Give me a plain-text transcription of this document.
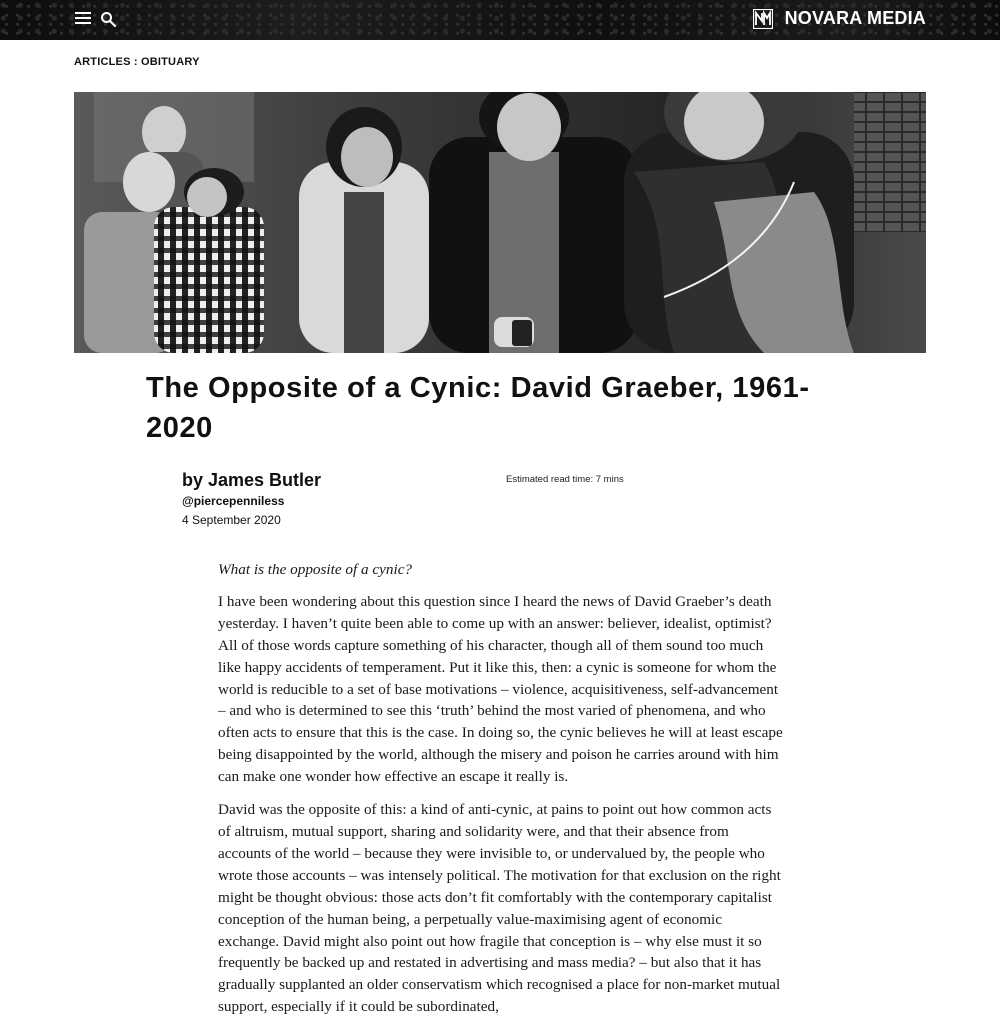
NOVARA MEDIA
ARTICLES : OBITUARY
The Opposite of a Cynic: David Graeber, 1961-2020
by James Butler
@piercepenniless
4 September 2020
Estimated read time: 7 mins

What is the opposite of a cynic?

I have been wondering about this question since I heard the news of David Graeber’s death yesterday. I haven’t quite been able to come up with an answer: believer, idealist, optimist? All of those words capture something of his character, though all of them sound too much like happy accidents of temperament. Put it like this, then: a cynic is someone for whom the world is reducible to a set of base motivations – violence, acquisitiveness, self-advancement – and who is determined to see this ‘truth’ behind the most varied of phenomena, and who often acts to ensure that this is the case. In doing so, the cynic believes he will at least escape being disappointed by the world, although the misery and poison he carries around with him can make one wonder how effective an escape it really is.

David was the opposite of this: a kind of anti-cynic, at pains to point out how common acts of altruism, mutual support, sharing and solidarity were, and that their absence from accounts of the world – because they were invisible to, or undervalued by, the people who wrote those accounts – was intensely political. The motivation for that exclusion on the right might be thought obvious: those acts don’t fit comfortably with the contemporary capitalist conception of the human being, a perpetually value-maximising agent of economic exchange. David might also point out how fragile that conception is – why else must it so frequently be backed up and restated in advertising and mass media? – but also that it has gradually supplanted an older conservatism which recognised a place for non-market mutual support, especially if it could be subordinated,
